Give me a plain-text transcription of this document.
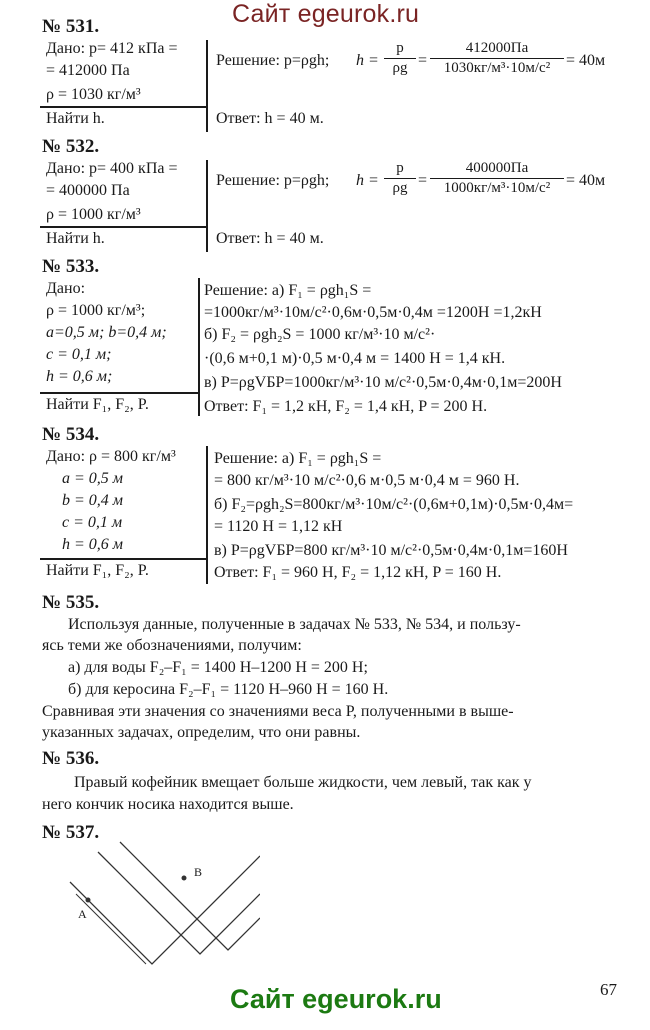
Сайт egeurok.ru
№ 531.
Дано: p= 412 кПа =
= 412000 Па
ρ = 1030 кг/м³
Найти h.
Решение: p=ρgh; $h = \frac{p}{\rho g}$ =
412000Па
1030кг/м³·10м/с² = 40м
Ответ: h = 40 м.
№ 532.
Дано: p= 400 кПа =
= 400000 Па
ρ = 1000 кг/м³
Найти h.
Решение: p=ρgh; $h = \frac{p}{\rho g}$ =
400000Па
1000кг/м³·10м/с² = 40м
Ответ: h = 40 м.
№ 533.
Дано:
ρ = 1000 кг/м³;
a=0,5 м; b=0,4 м;
c = 0,1 м;
h = 0,6 м;
Найти F₁, F₂, P.
Решение: а) F₁ = ρgh₁S =
=1000кг/м³·10м/с²·0,6м·0,5м·0,4м =1200Н =1,2кН
б) F₂ = ρgh₂S = 1000 кг/м³·10 м/с²·
·(0,6 м+0,1 м)·0,5 м·0,4 м = 1400 Н = 1,4 кН.
в) P=ρgVБР=1000кг/м³·10 м/с²·0,5м·0,4м·0,1м=200Н
Ответ: F₁ = 1,2 кН, F₂ = 1,4 кН, P = 200 Н.
№ 534.
Дано: ρ = 800 кг/м³
a = 0,5 м
b = 0,4 м
c = 0,1 м
h = 0,6 м
Найти F₁, F₂, P.
Решение: а) F₁ = ρgh₁S =
= 800 кг/м³·10 м/с²·0,6 м·0,5 м·0,4 м = 960 Н.
б) F₂=ρgh₂S=800кг/м³·10м/с²·(0,6м+0,1м)·0,5м·0,4м=
= 1120 Н = 1,12 кН
в) P=ρgVБР=800 кг/м³·10 м/с²·0,5м·0,4м·0,1м=160Н
Ответ: F₁ = 960 Н, F₂ = 1,12 кН, P = 160 Н.
№ 535.
Используя данные, полученные в задачах № 533, № 534, и пользу-
ясь теми же обозначениями, получим:
а) для воды F₂–F₁ = 1400 Н–1200 Н = 200 Н;
б) для керосина F₂–F₁ = 1120 Н–960 Н = 160 Н.
Сравнивая эти значения со значениями веса P, полученными в выше-
указанных задачах, определим, что они равны.
№ 536.
Правый кофейник вмещает больше жидкости, чем левый, так как у
него кончик носика находится выше.
№ 537.
A
B
67
Сайт egeurok.ru
